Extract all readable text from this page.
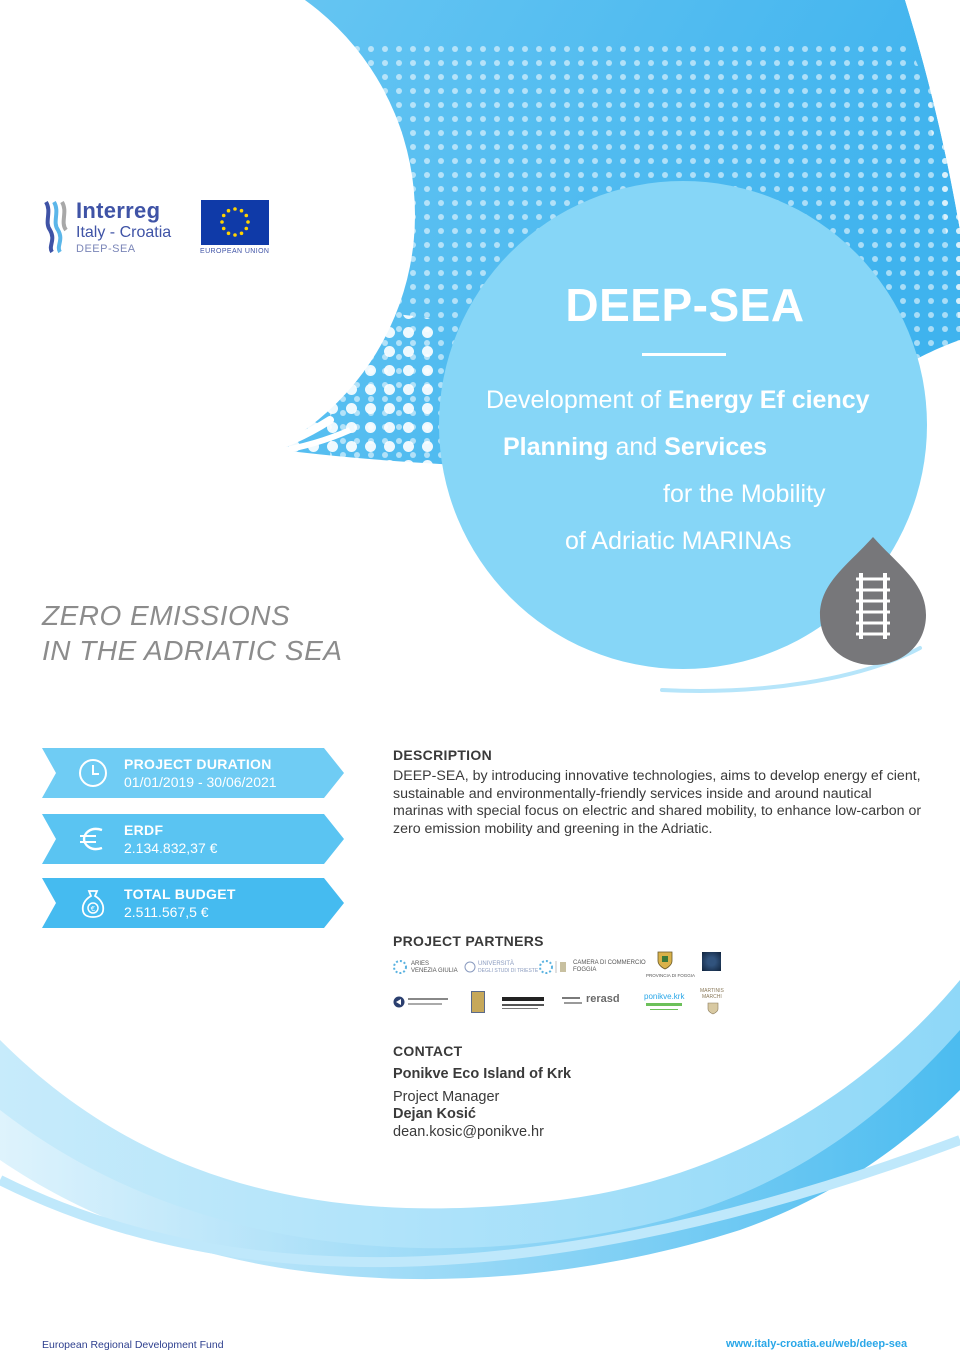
Interreg
Italy - Croatia
DEEP-SEA	EUROPEAN UNION
DEEP-SEA
Development of Energy Ef ciency
Planning and Services
for the Mobility
of Adriatic MARINAs
ZERO EMISSIONS
IN THE ADRIATIC SEA
PROJECT DURATION
01/01/2019 - 30/06/2021
ERDF
2.134.832,37 €
€
TOTAL BUDGET
2.511.567,5 €
DESCRIPTION
DEEP-SEA, by introducing innovative technologies, aims to develop energy ef cient, sustainable and environmentally-friendly services inside and around nautical marinas with special focus on electric and shared mobility, to enhance low-carbon or zero emission mobility and greening in the Adriatic.
PROJECT PARTNERS
ARIES
VENEZIA GIULIA
UNIVERSITÀ
DEGLI STUDI DI TRIESTE
CAMERA DI COMMERCIO
FOGGIA
PROVINCIA DI FOGGIA
rerasd	ponikve.krk
MARTINIS
MARCHI
CONTACT
Ponikve Eco Island of Krk
Project Manager
Dejan Kosić
dean.kosic@ponikve.hr
European Regional Development Fund	www.italy-croatia.eu/web/deep-sea
